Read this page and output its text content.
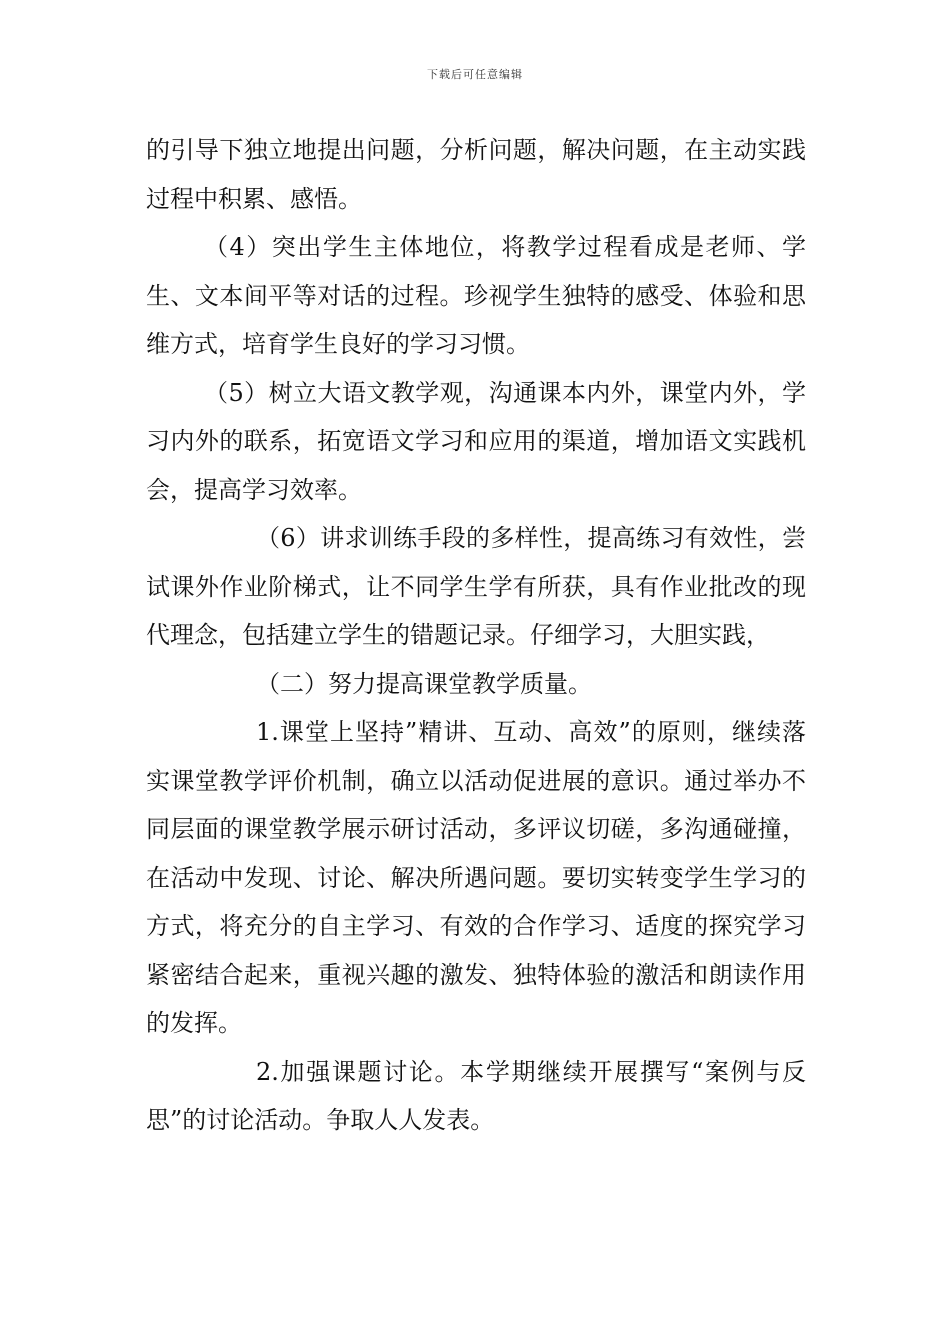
下载后可任意编辑

的引导下独立地提出问题，分析问题，解决问题，在主动实践过程中积累、感悟。

（4）突出学生主体地位，将教学过程看成是老师、学生、文本间平等对话的过程。珍视学生独特的感受、体验和思维方式，培育学生良好的学习习惯。

（5）树立大语文教学观，沟通课本内外，课堂内外，学习内外的联系，拓宽语文学习和应用的渠道，增加语文实践机会，提高学习效率。

（6）讲求训练手段的多样性，提高练习有效性，尝试课外作业阶梯式，让不同学生学有所获，具有作业批改的现代理念，包括建立学生的错题记录。仔细学习，大胆实践，

（二）努力提高课堂教学质量。

1.课堂上坚持”精讲、互动、高效”的原则，继续落实课堂教学评价机制，确立以活动促进展的意识。通过举办不同层面的课堂教学展示研讨活动，多评议切磋，多沟通碰撞，在活动中发现、讨论、解决所遇问题。要切实转变学生学习的方式，将充分的自主学习、有效的合作学习、适度的探究学习紧密结合起来，重视兴趣的激发、独特体验的激活和朗读作用的发挥。

2.加强课题讨论。本学期继续开展撰写“案例与反思”的讨论活动。争取人人发表。
